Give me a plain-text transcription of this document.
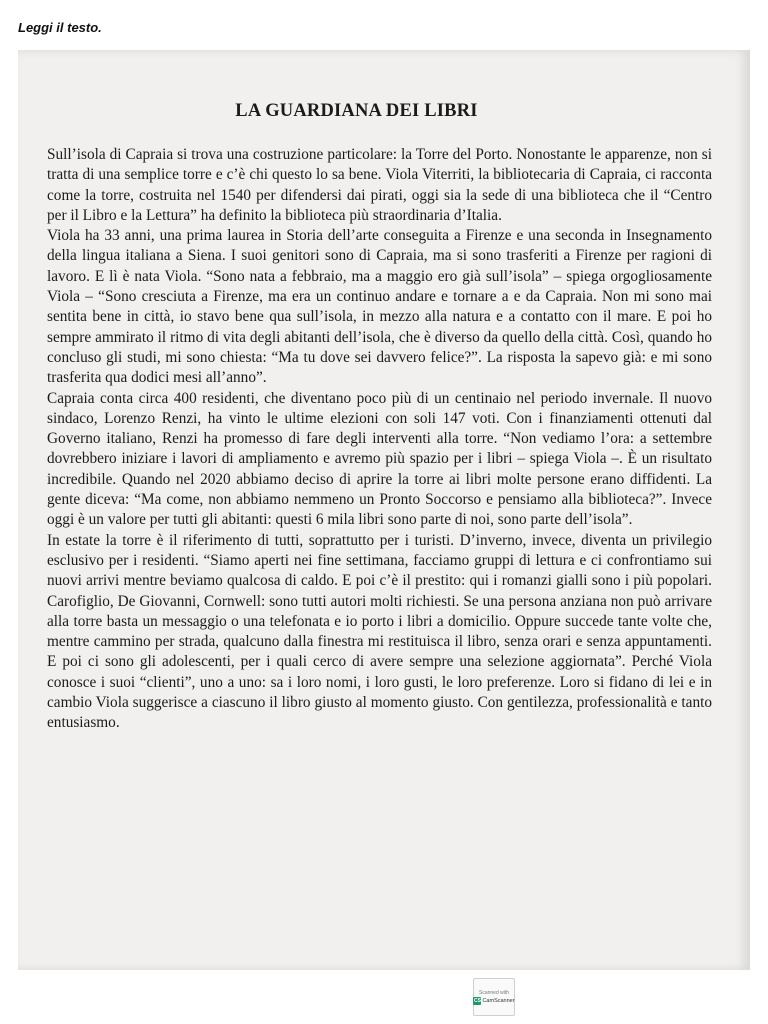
Leggi il testo.
LA GUARDIANA DEI LIBRI

Sull’isola di Capraia si trova una costruzione particolare: la Torre del Porto. Nonostante le apparenze, non si tratta di una semplice torre e c’è chi questo lo sa bene. Viola Viterriti, la bibliotecaria di Capraia, ci racconta come la torre, costruita nel 1540 per difendersi dai pirati, oggi sia la sede di una biblioteca che il “Centro per il Libro e la Lettura” ha definito la biblioteca più straordinaria d’Italia.

Viola ha 33 anni, una prima laurea in Storia dell’arte conseguita a Firenze e una seconda in Insegnamento della lingua italiana a Siena. I suoi genitori sono di Capraia, ma si sono trasferiti a Firenze per ragioni di lavoro. E lì è nata Viola. “Sono nata a febbraio, ma a maggio ero già sull’isola” – spiega orgogliosamente Viola – “Sono cresciuta a Firenze, ma era un continuo andare e tornare a e da Capraia. Non mi sono mai sentita bene in città, io stavo bene qua sull’isola, in mezzo alla natura e a contatto con il mare. E poi ho sempre ammirato il ritmo di vita degli abitanti dell’isola, che è diverso da quello della città. Così, quando ho concluso gli studi, mi sono chiesta: “Ma tu dove sei davvero felice?”. La risposta la sapevo già: e mi sono trasferita qua dodici mesi all’anno”.

Capraia conta circa 400 residenti, che diventano poco più di un centinaio nel periodo invernale. Il nuovo sindaco, Lorenzo Renzi, ha vinto le ultime elezioni con soli 147 voti. Con i finanziamenti ottenuti dal Governo italiano, Renzi ha promesso di fare degli interventi alla torre. “Non vediamo l’ora: a settembre dovrebbero iniziare i lavori di ampliamento e avremo più spazio per i libri – spiega Viola –. È un risultato incredibile. Quando nel 2020 abbiamo deciso di aprire la torre ai libri molte persone erano diffidenti. La gente diceva: “Ma come, non abbiamo nemmeno un Pronto Soccorso e pensiamo alla biblioteca?”. Invece oggi è un valore per tutti gli abitanti: questi 6 mila libri sono parte di noi, sono parte dell’isola”.

In estate la torre è il riferimento di tutti, soprattutto per i turisti. D’inverno, invece, diventa un privilegio esclusivo per i residenti. “Siamo aperti nei fine settimana, facciamo gruppi di lettura e ci confrontiamo sui nuovi arrivi mentre beviamo qualcosa di caldo. E poi c’è il prestito: qui i romanzi gialli sono i più popolari. Carofiglio, De Giovanni, Cornwell: sono tutti autori molti richiesti. Se una persona anziana non può arrivare alla torre basta un messaggio o una telefonata e io porto i libri a domicilio. Oppure succede tante volte che, mentre cammino per strada, qualcuno dalla finestra mi restituisca il libro, senza orari e senza appuntamenti. E poi ci sono gli adolescenti, per i quali cerco di avere sempre una selezione aggiornata”. Perché Viola conosce i suoi “clienti”, uno a uno: sa i loro nomi, i loro gusti, le loro preferenze. Loro si fidano di lei e in cambio Viola suggerisce a ciascuno il libro giusto al momento giusto. Con gentilezza, professionalità e tanto entusiasmo.

Scanned with
CS CamScanner
